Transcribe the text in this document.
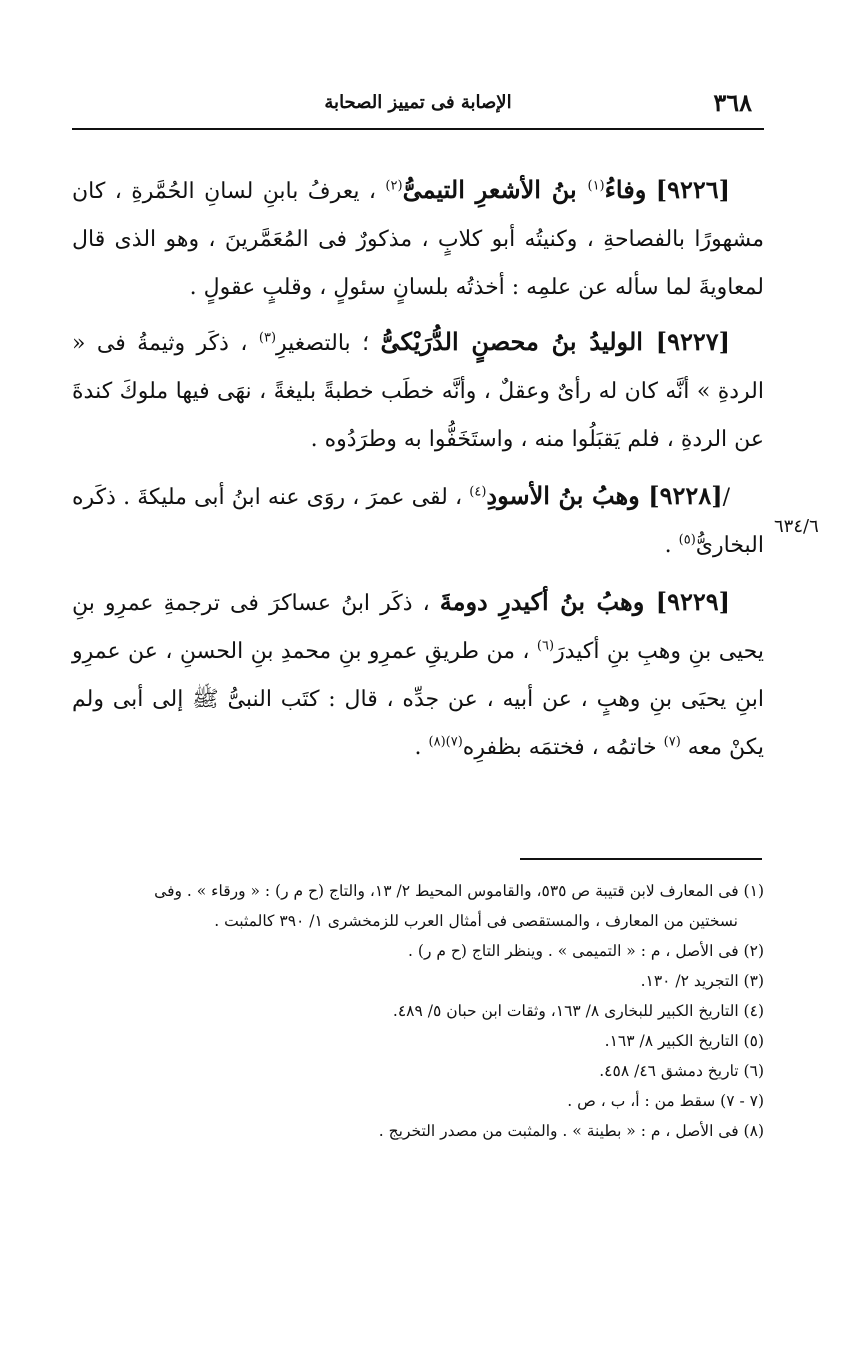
٣٦٨
الإصابة فى تمييز الصحابة
٦٣٤/٦

[٩٢٢٦] وفاءُ$^{(١)}$ بنُ الأشعرِ التيمىُّ$^{(٢)}$ ، يعرفُ بابنِ لسانِ الحُمَّرةِ ، كان مشهورًا بالفصاحةِ ، وكنيتُه أبو كلابٍ ، مذكورٌ فى المُعَمَّرينَ ، وهو الذى قال لمعاويةَ لما سأله عن علمِه : أخذتُه بلسانٍ سئولٍ ، وقلبٍ عقولٍ .

[٩٢٢٧] الوليدُ بنُ محصنٍ الدُّرَيْكىُّ ؛ بالتصغيرِ$^{(٣)}$ ، ذكَر وثيمةُ فى « الردةِ » أنَّه كان له رأىٌ وعقلٌ ، وأنَّه خطَب خطبةً بليغةً ، نهَى فيها ملوكَ كندةَ عن الردةِ ، فلم يَقبَلُوا منه ، واستَخَفُّوا به وطرَدُوه .

/[٩٢٢٨] وهبُ بنُ الأسودِ$^{(٤)}$ ، لقى عمرَ ، روَى عنه ابنُ أبى مليكةَ . ذكَره البخارىُّ$^{(٥)}$ .

[٩٢٢٩] وهبُ بنُ أكيدرِ دومةَ ، ذكَر ابنُ عساكرَ فى ترجمةِ عمرِو بنِ يحيى بنِ وهبِ بنِ أكيدرَ$^{(٦)}$ ، من طريقِ عمرِو بنِ محمدِ بنِ الحسنِ ، عن عمرِو ابنِ يحيَى بنِ وهبٍ ، عن أبيه ، عن جدِّه ، قال : كتَب النبىُّ ﷺ إلى أبى ولم يكنْ معه $^{(٧)}$ خاتمُه ، فختمَه بظفرِه$^{(٧)(٨)}$ .

(١) فى المعارف لابن قتيبة ص ٥٣٥، والقاموس المحيط ٢/ ١٣، والتاج (ح م ر) : « ورقاء » . وفى

نسختين من المعارف ، والمستقصى فى أمثال العرب للزمخشرى ١/ ٣٩٠ كالمثبت .

(٢) فى الأصل ، م : « التميمى » . وينظر التاج (ح م ر) .

(٣) التجريد ٢/ ١٣٠.

(٤) التاريخ الكبير للبخارى ٨/ ١٦٣، وثقات ابن حبان ٥/ ٤٨٩.

(٥) التاريخ الكبير ٨/ ١٦٣.

(٦) تاريخ دمشق ٤٦/ ٤٥٨.

(٧ - ٧) سقط من : أ، ب ، ص .

(٨) فى الأصل ، م : « بطينة » . والمثبت من مصدر التخريج .
